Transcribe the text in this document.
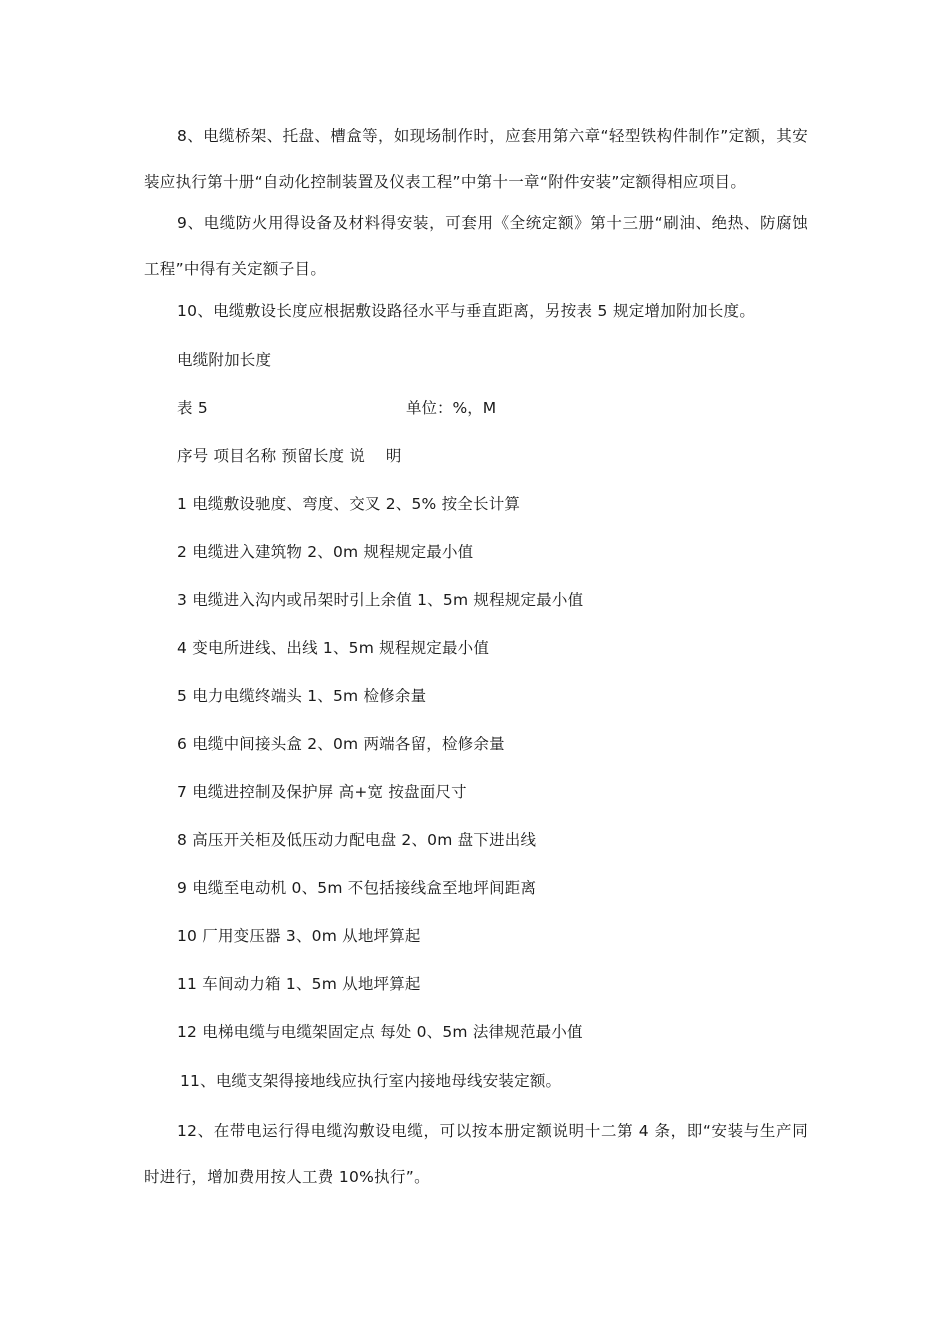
8、电缆桥架、托盘、槽盒等，如现场制作时，应套用第六章“轻型铁构件制作”定额，其安装应执行第十册“自动化控制装置及仪表工程”中第十一章“附件安装”定额得相应项目。
9、电缆防火用得设备及材料得安装，可套用《全统定额》第十三册“刷油、绝热、防腐蚀工程”中得有关定额子目。
10、电缆敷设长度应根据敷设路径水平与垂直距离，另按表 5 规定增加附加长度。
电缆附加长度
表 5	单位：%，M
序号 项目名称 预留长度 说　 明
1 电缆敷设驰度、弯度、交叉 2、5% 按全长计算
2 电缆进入建筑物 2、0m 规程规定最小值
3 电缆进入沟内或吊架时引上余值 1、5m 规程规定最小值
4 变电所进线、出线 1、5m 规程规定最小值
5 电力电缆终端头 1、5m 检修余量
6 电缆中间接头盒 2、0m 两端各留，检修余量
7 电缆进控制及保护屏 高+宽 按盘面尺寸
8 高压开关柜及低压动力配电盘 2、0m 盘下进出线
9 电缆至电动机 0、5m 不包括接线盒至地坪间距离
10 厂用变压器 3、0m 从地坪算起
11 车间动力箱 1、5m 从地坪算起
12 电梯电缆与电缆架固定点 每处 0、5m 法律规范最小值
11、电缆支架得接地线应执行室内接地母线安装定额。
12、在带电运行得电缆沟敷设电缆，可以按本册定额说明十二第 4 条，即“安装与生产同时进行，增加费用按人工费 10%执行”。
